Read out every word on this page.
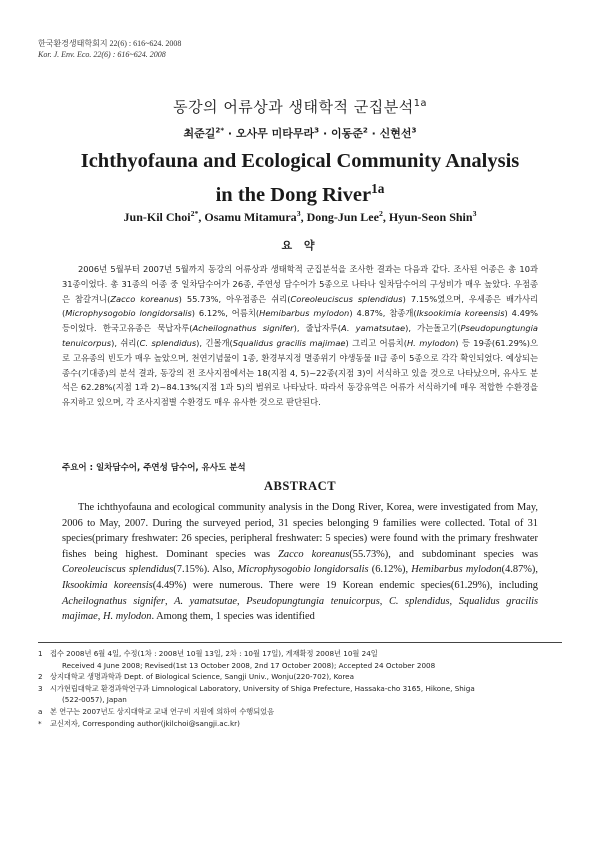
한국환경생태학회지 22(6) : 616~624. 2008
Kor. J. Env. Eco. 22(6) : 616~624. 2008
동강의 어류상과 생태학적 군집분석$^{1a}$
최준길$^{2*}$ · 오사무 미타무라$^3$ · 이동준$^2$ · 신현선$^3$
Ichthyofauna and Ecological Community Analysis
in the Dong River$^{1a}$
Jun-Kil Choi$^{2*}$, Osamu Mitamura$^3$, Dong-Jun Lee$^2$, Hyun-Seon Shin$^3$
요 약
2006년 5월부터 2007년 5월까지 동강의 어류상과 생태학적 군집분석을 조사한 결과는 다음과 같다. 조사된 어종은 총 10과 31종이었다. 총 31종의 어종 중 일차담수어가 26종, 주연성 담수어가 5종으로 나타나 일차담수어의 구성비가 매우 높았다. 우점종은 참갈겨니(Zacco koreanus) 55.73%, 아우점종은 쉬리(Coreoleuciscus splendidus) 7.15%였으며, 우세종은 배가사리(Microphysogobio longidorsalis) 6.12%, 어름치(Hemibarbus mylodon) 4.87%, 참종개(Iksookimia koreensis) 4.49% 등이었다. 한국고유종은 묵납자루(Acheilognathus signifer), 줄납자루(A. yamatsutae), 가는돌고기(Pseudopungtungia tenuicorpus), 쉬리(C. splendidus), 긴몰개(Squalidus gracilis majimae) 그리고 어름치(H. mylodon) 등 19종(61.29%)으로 고유종의 빈도가 매우 높았으며, 천연기념물이 1종, 환경부지정 멸종위기 야생동물 II급 종이 5종으로 각각 확인되었다. 예상되는 종수(기대종)의 분석 결과, 동강의 전 조사지점에서는 18(지점 4, 5)~22종(지점 3)이 서식하고 있을 것으로 나타났으며, 유사도 분석은 62.28%(지점 1과 2)~84.13%(지점 1과 5)의 범위로 나타났다. 따라서 동강유역은 어류가 서식하기에 매우 적합한 수환경을 유지하고 있으며, 각 조사지점별 수환경도 매우 유사한 것으로 판단된다.
주요어 : 일차담수어, 주연성 담수어, 유사도 분석
ABSTRACT
The ichthyofauna and ecological community analysis in the Dong River, Korea, were investigated from May, 2006 to May, 2007. During the surveyed period, 31 species belonging 9 families were collected. Total of 31 species(primary freshwater: 26 species, peripheral freshwater: 5 species) were found with the primary freshwater fishes being highest. Dominant species was Zacco koreanus(55.73%), and subdominant species was Coreoleuciscus splendidus(7.15%). Also, Microphysogobio longidorsalis (6.12%), Hemibarbus mylodon(4.87%), Iksookimia koreensis(4.49%) were numerous. There were 19 Korean endemic species(61.29%), including Acheilognathus signifer, A. yamatsutae, Pseudopungtungia tenuicorpus, C. splendidus, Squalidus gracilis majimae, H. mylodon. Among them, 1 species was identified
1	접수 2008년 6월 4일, 수정(1차 : 2008년 10월 13일, 2차 : 10월 17일), 게재확정 2008년 10월 24일
Received 4 June 2008; Revised(1st 13 October 2008, 2nd 17 October 2008); Accepted 24 October 2008
2	상지대학교 생명과학과 Dept. of Biological Science, Sangji Univ., Wonju(220-702), Korea
3	시가현립대학교 환경과학연구과 Limnological Laboratory, University of Shiga Prefecture, Hassaka-cho 3165, Hikone, Shiga
(522-0057), Japan
a	본 연구는 2007년도 상지대학교 교내 연구비 지원에 의하여 수행되었음
*	교신저자, Corresponding author(jkilchoi@sangji.ac.kr)
